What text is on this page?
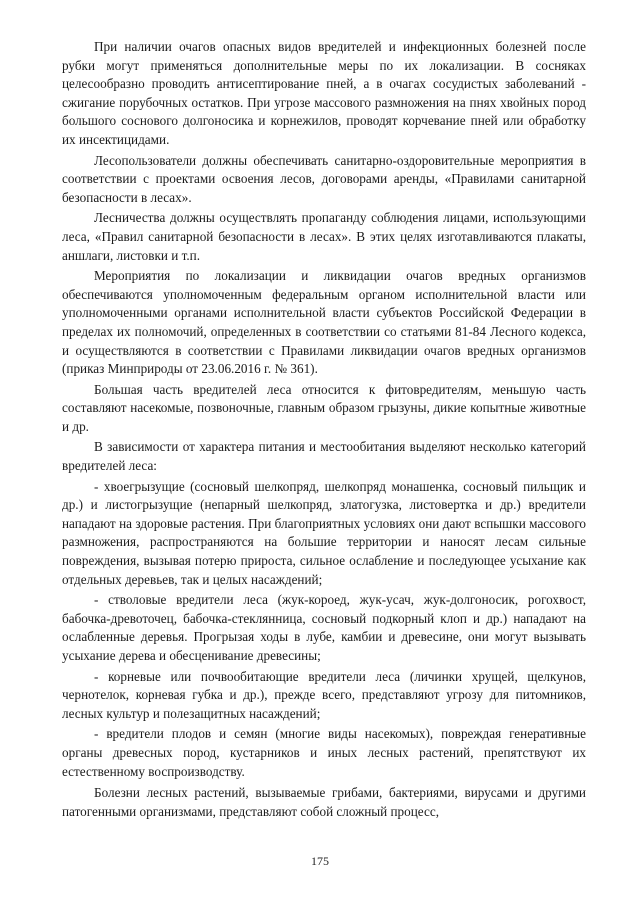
При наличии очагов опасных видов вредителей и инфекционных болезней после рубки могут применяться дополнительные меры по их локализации. В сосняках целесообразно проводить антисептирование пней, а в очагах сосудистых заболеваний - сжигание порубочных остатков. При угрозе массового размножения на пнях хвойных пород большого соснового долгоносика и корнежилов, проводят корчевание пней или обработку их инсектицидами.

Лесопользователи должны обеспечивать санитарно-оздоровительные мероприятия в соответствии с проектами освоения лесов, договорами аренды, «Правилами санитарной безопасности в лесах».

Лесничества должны осуществлять пропаганду соблюдения лицами, использующими леса, «Правил санитарной безопасности в лесах». В этих целях изготавливаются плакаты, аншлаги, листовки и т.п.

Мероприятия по локализации и ликвидации очагов вредных организмов обеспечиваются уполномоченным федеральным органом исполнительной власти или уполномоченными органами исполнительной власти субъектов Российской Федерации в пределах их полномочий, определенных в соответствии со статьями 81-84 Лесного кодекса, и осуществляются в соответствии с Правилами ликвидации очагов вредных организмов (приказ Минприроды от 23.06.2016 г. № 361).

Большая часть вредителей леса относится к фитовредителям, меньшую часть составляют насекомые, позвоночные, главным образом грызуны, дикие копытные животные и др.

В зависимости от характера питания и местообитания выделяют несколько категорий вредителей леса:

- хвоегрызущие (сосновый шелкопряд, шелкопряд монашенка, сосновый пильщик и др.) и листогрызущие (непарный шелкопряд, златогузка, листовертка и др.) вредители нападают на здоровые растения. При благоприятных условиях они дают вспышки массового размножения, распространяются на большие территории и наносят лесам сильные повреждения, вызывая потерю прироста, сильное ослабление и последующее усыхание как отдельных деревьев, так и целых насаждений;

- стволовые вредители леса (жук-короед, жук-усач, жук-долгоносик, рогохвост, бабочка-древоточец, бабочка-стеклянница, сосновый подкорный клоп и др.) нападают на ослабленные деревья. Прогрызая ходы в лубе, камбии и древесине, они могут вызывать усыхание дерева и обесценивание древесины;

- корневые или почвообитающие вредители леса (личинки хрущей, щелкунов, чернотелок, корневая губка и др.), прежде всего, представляют угрозу для питомников, лесных культур и полезащитных насаждений;

- вредители плодов и семян (многие виды насекомых), повреждая генеративные органы древесных пород, кустарников и иных лесных растений, препятствуют их естественному воспроизводству.

Болезни лесных растений, вызываемые грибами, бактериями, вирусами и другими патогенными организмами, представляют собой сложный процесс,

175
